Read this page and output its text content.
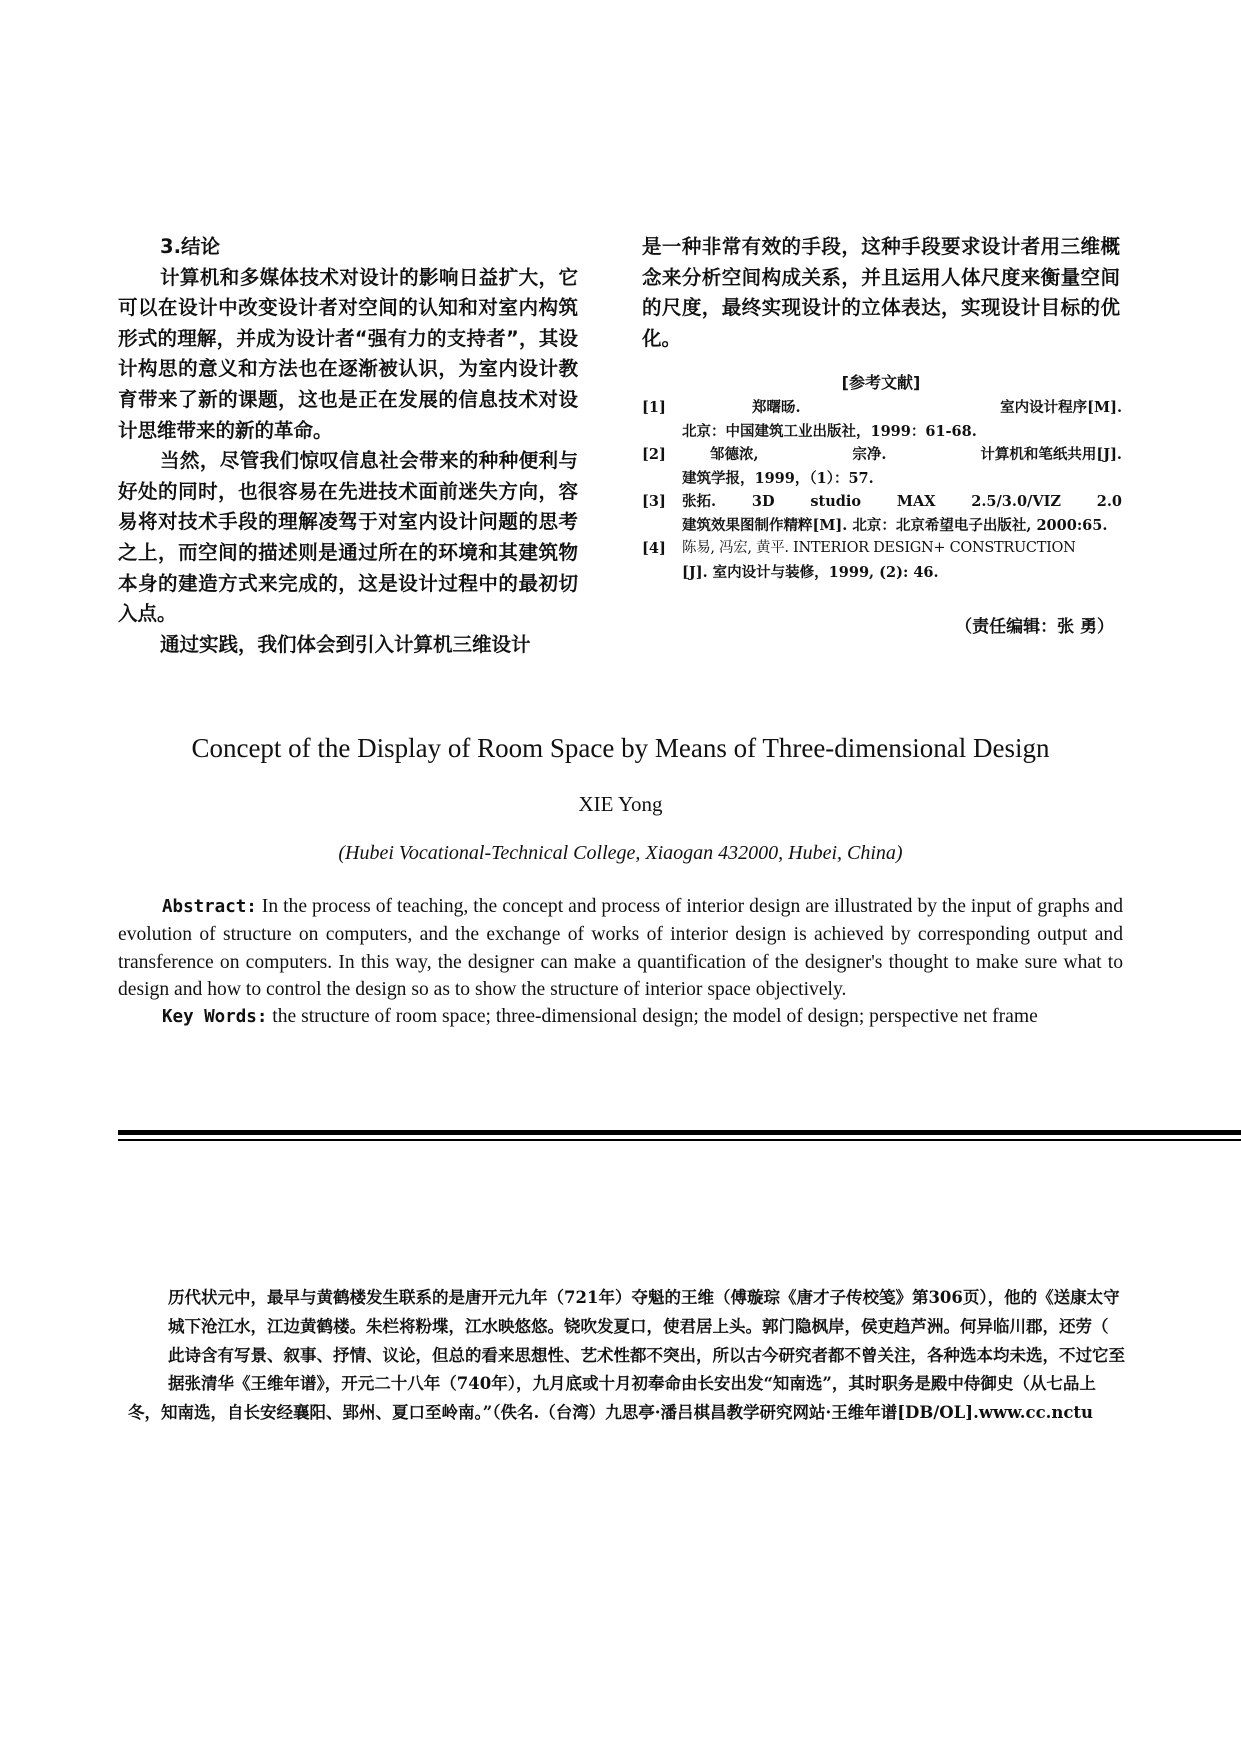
3.结论

计算机和多媒体技术对设计的影响日益扩大，它可以在设计中改变设计者对空间的认知和对室内构筑形式的理解，并成为设计者“强有力的支持者”，其设计构思的意义和方法也在逐渐被认识，为室内设计教育带来了新的课题，这也是正在发展的信息技术对设计思维带来的新的革命。

当然，尽管我们惊叹信息社会带来的种种便利与好处的同时，也很容易在先进技术面前迷失方向，容易将对技术手段的理解凌驾于对室内设计问题的思考之上，而空间的描述则是通过所在的环境和其建筑物本身的建造方式来完成的，这是设计过程中的最初切入点。

通过实践，我们体会到引入计算机三维设计

是一种非常有效的手段，这种手段要求设计者用三维概念来分析空间构成关系，并且运用人体尺度来衡量空间的尺度，最终实现设计的立体表达，实现设计目标的优化。

[参考文献]
[1]	郑曙旸.	室内设计程序[M].
北京：中国建筑工业出版社，1999：61-68.
[2]	邹德浓,	宗净.	计算机和笔纸共用[J].
建筑学报，1999，（1）：57.
[3] 张拓. 3D studio MAX 2.5/3.0/VIZ 2.0
建筑效果图制作精粹[M]. 北京：北京希望电子出版社, 2000:65.
[4] 陈易, 冯宏, 黄平. INTERIOR DESIGN+ CONSTRUCTION
[J]. 室内设计与装修，1999, (2): 46.
（责任编辑：张 勇）
Concept of the Display of Room Space by Means of Three-dimensional Design
XIE Yong
(Hubei Vocational-Technical College, Xiaogan 432000, Hubei, China)

Abstract: In the process of teaching, the concept and process of interior design are illustrated by the input of graphs and evolution of structure on computers, and the exchange of works of interior design is achieved by corresponding output and transference on computers. In this way, the designer can make a quantification of the designer's thought to make sure what to design and how to control the design so as to show the structure of interior space objectively.

Key Words: the structure of room space; three-dimensional design; the model of design; perspective net frame

历代状元中，最早与黄鹤楼发生联系的是唐开元九年（721年）夺魁的王维（傅璇琮《唐才子传校笺》第306页），他的《送康太守
城下沧江水，江边黄鹤楼。朱栏将粉堞，江水映悠悠。铙吹发夏口，使君居上头。郭门隐枫岸，侯吏趋芦洲。何异临川郡，还劳（
此诗含有写景、叙事、抒情、议论，但总的看来思想性、艺术性都不突出，所以古今研究者都不曾关注，各种选本均未选，不过它至
据张清华《王维年谱》，开元二十八年（740年），九月底或十月初奉命由长安出发“知南选”，其时职务是殿中侍御史（从七品上
冬，知南选，自长安经襄阳、郢州、夏口至岭南。”（佚名.（台湾）九思亭·潘吕棋昌教学研究网站·王维年谱[DB/OL].www.cc.nctu
